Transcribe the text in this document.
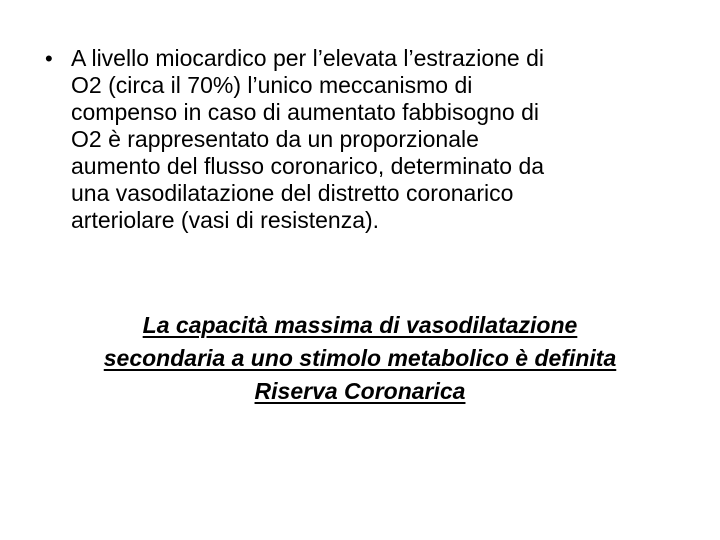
• A livello miocardico per l’elevata l’estrazione di
O2 (circa il 70%) l’unico meccanismo di
compenso in caso di aumentato fabbisogno di
O2 è rappresentato da un proporzionale
aumento del flusso coronarico, determinato da
una vasodilatazione del distretto coronarico
arteriolare (vasi di resistenza).
La capacità massima di vasodilatazione
secondaria a uno stimolo metabolico è definita
Riserva Coronarica
